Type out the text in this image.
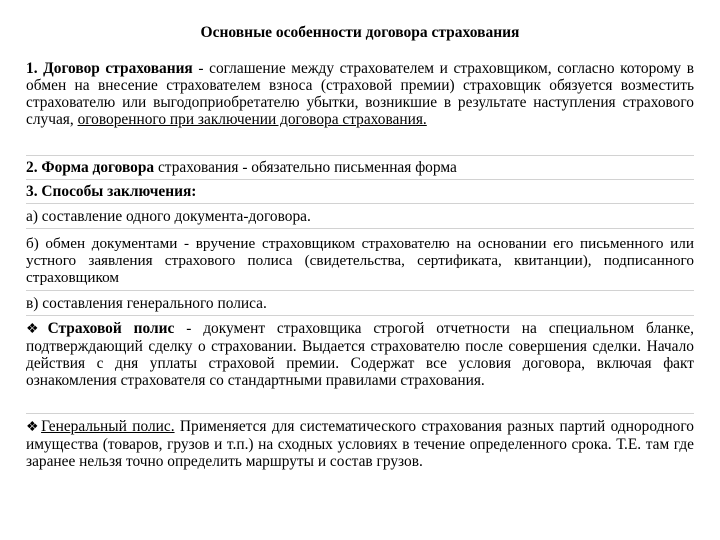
Основные особенности договора страхования
1. Договор страхования - соглашение между страхователем и страховщиком, согласно которому в обмен на внесение страхователем взноса (страховой премии) страховщик обязуется возместить страхователю или выгодоприобретателю убытки, возникшие в результате наступления страхового случая, оговоренного при заключении договора страхования.
2. Форма договора страхования - обязательно письменная форма
3. Способы заключения:
а) составление одного документа-договора.
б) обмен документами - вручение страховщиком страхователю на основании его письменного или устного заявления страхового полиса (свидетельства, сертификата, квитанции), подписанного страховщиком
в) составления генерального полиса.
❖Страховой полис - документ страховщика строгой отчетности на специальном бланке, подтверждающий сделку о страховании. Выдается страхователю после совершения сделки. Начало действия с дня уплаты страховой премии. Содержат все условия договора, включая факт ознакомления страхователя со стандартными правилами страхования.
❖Генеральный полис. Применяется для систематического страхования разных партий однородного имущества (товаров, грузов и т.п.) на сходных условиях в течение определенного срока. Т.Е. там где заранее нельзя точно определить маршруты и состав грузов.
